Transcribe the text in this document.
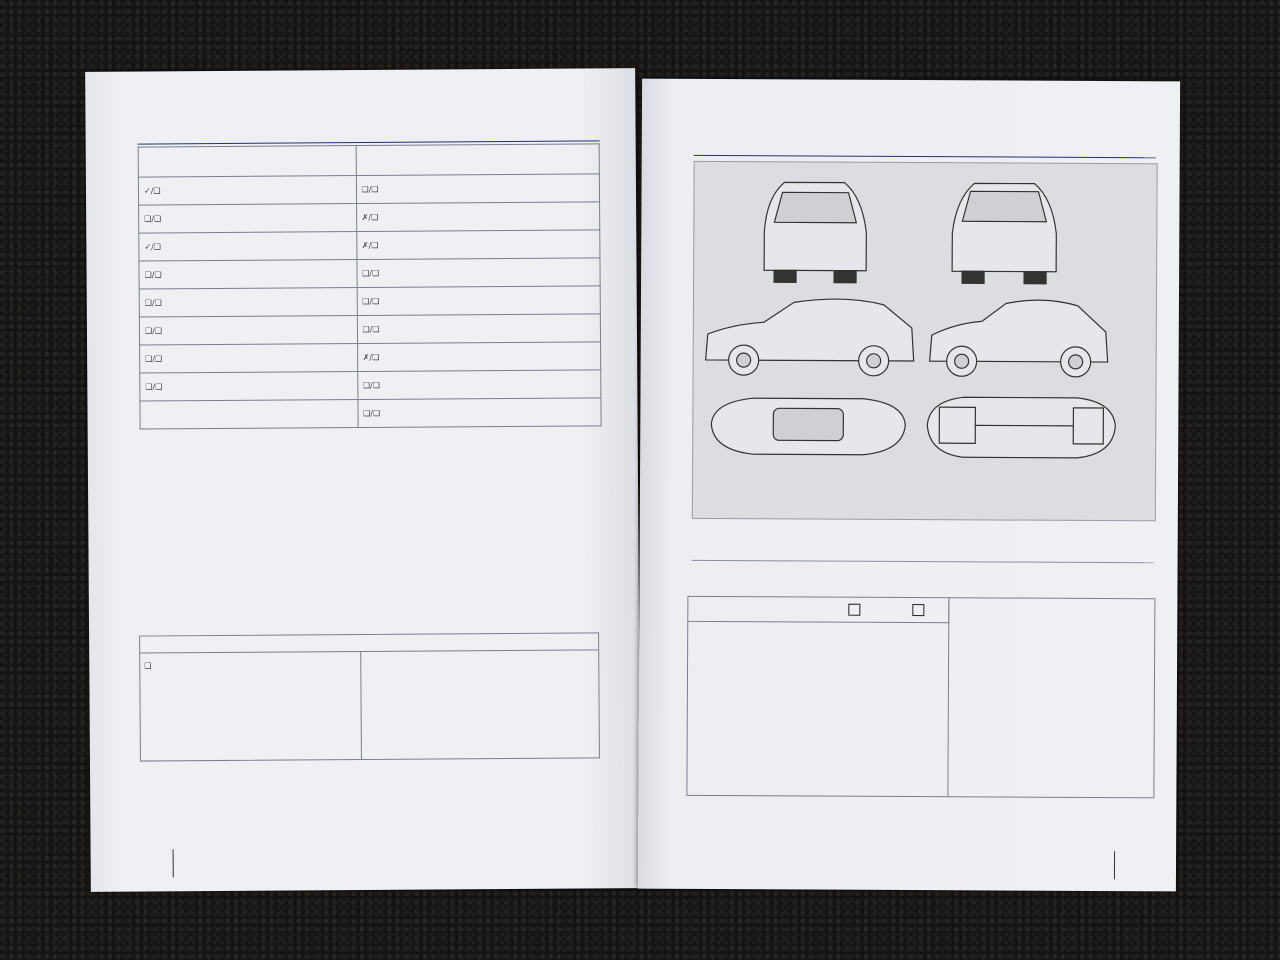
✓/❑	❑/❑
❑/❑	✗/❑
✓/❑	✗/❑
❑/❑	❑/❑
❑/❑	❑/❑
❑/❑	❑/❑
❑/❑	✗/❑
❑/❑	❑/❑
	❑/❑
❑
